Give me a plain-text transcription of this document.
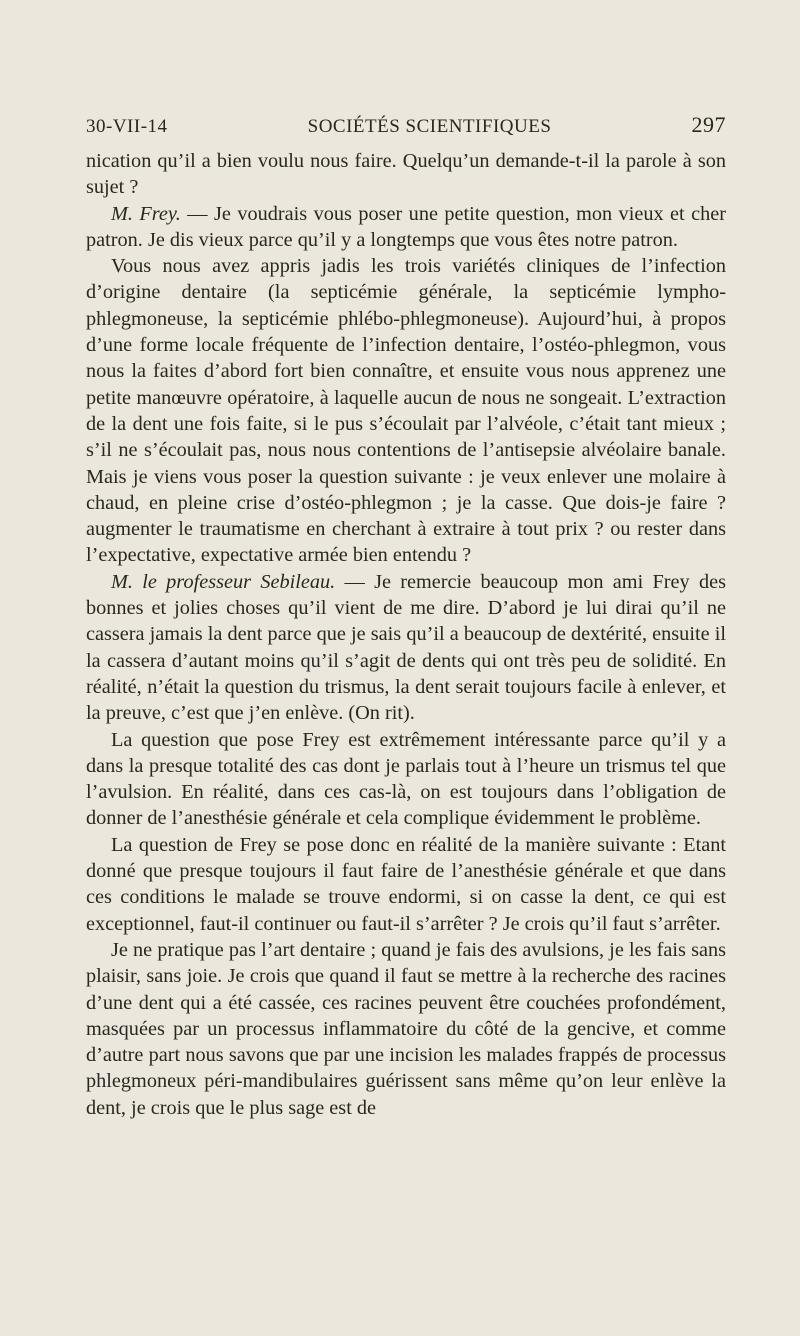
30-VII-14	SOCIÉTÉS SCIENTIFIQUES	297

nication qu’il a bien voulu nous faire. Quelqu’un demande-t-il la parole à son sujet ?

M. Frey. — Je voudrais vous poser une petite question, mon vieux et cher patron. Je dis vieux parce qu’il y a longtemps que vous êtes notre patron.

Vous nous avez appris jadis les trois variétés cliniques de l’infection d’origine dentaire (la septicémie générale, la septicémie lympho-phlegmoneuse, la septicémie phlébo-phlegmoneuse). Aujourd’hui, à propos d’une forme locale fréquente de l’infection dentaire, l’ostéo-phlegmon, vous nous la faites d’abord fort bien connaître, et ensuite vous nous apprenez une petite manœuvre opératoire, à laquelle aucun de nous ne songeait. L’extraction de la dent une fois faite, si le pus s’écoulait par l’alvéole, c’était tant mieux ; s’il ne s’écoulait pas, nous nous contentions de l’antisepsie alvéolaire banale. Mais je viens vous poser la question suivante : je veux enlever une molaire à chaud, en pleine crise d’ostéo-phlegmon ; je la casse. Que dois-je faire ? augmenter le traumatisme en cherchant à extraire à tout prix ? ou rester dans l’expectative, expectative armée bien entendu ?

M. le professeur Sebileau. — Je remercie beaucoup mon ami Frey des bonnes et jolies choses qu’il vient de me dire. D’abord je lui dirai qu’il ne cassera jamais la dent parce que je sais qu’il a beaucoup de dextérité, ensuite il la cassera d’autant moins qu’il s’agit de dents qui ont très peu de solidité. En réalité, n’était la question du trismus, la dent serait toujours facile à enlever, et la preuve, c’est que j’en enlève. (On rit).

La question que pose Frey est extrêmement intéressante parce qu’il y a dans la presque totalité des cas dont je parlais tout à l’heure un trismus tel que l’avulsion. En réalité, dans ces cas-là, on est toujours dans l’obligation de donner de l’anesthésie générale et cela complique évidemment le problème.

La question de Frey se pose donc en réalité de la manière suivante : Etant donné que presque toujours il faut faire de l’anesthésie générale et que dans ces conditions le malade se trouve endormi, si on casse la dent, ce qui est exceptionnel, faut-il continuer ou faut-il s’arrêter ? Je crois qu’il faut s’arrêter.

Je ne pratique pas l’art dentaire ; quand je fais des avulsions, je les fais sans plaisir, sans joie. Je crois que quand il faut se mettre à la recherche des racines d’une dent qui a été cassée, ces racines peuvent être couchées profondément, masquées par un processus inflammatoire du côté de la gencive, et comme d’autre part nous savons que par une incision les malades frappés de processus phlegmoneux péri-mandibulaires guérissent sans même qu’on leur enlève la dent, je crois que le plus sage est de
